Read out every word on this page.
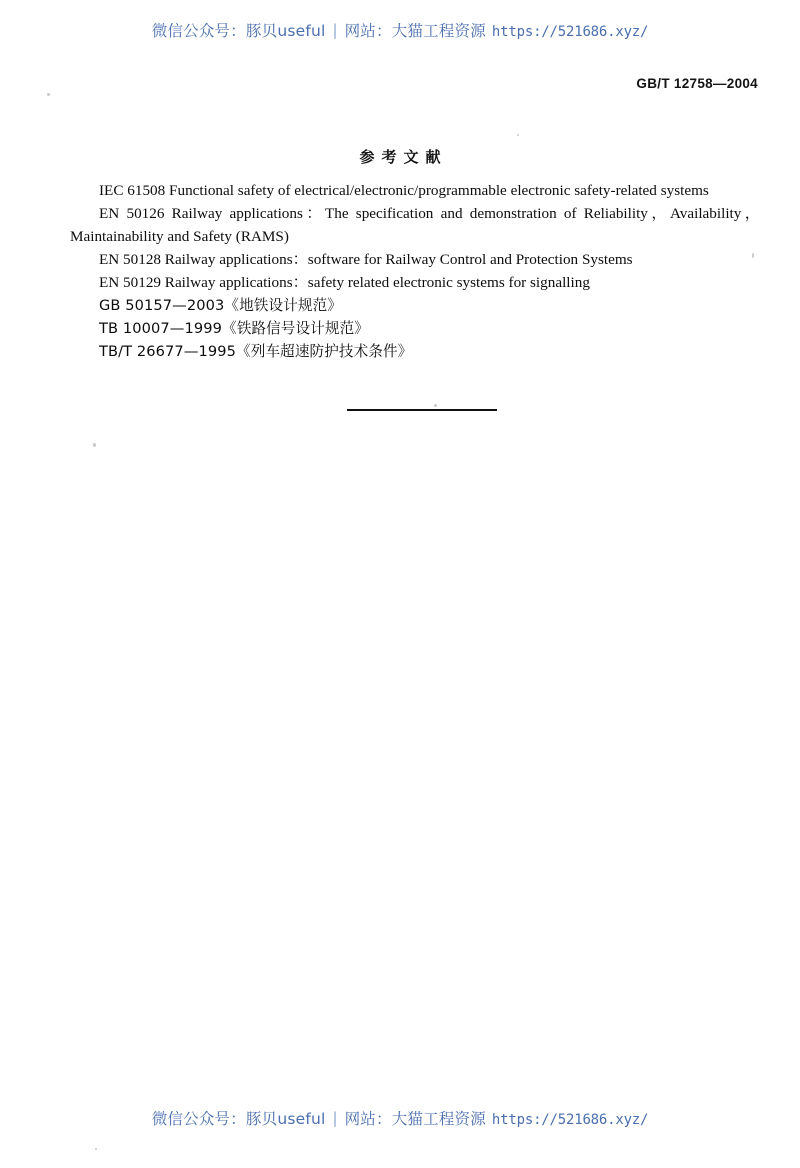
微信公众号：豚贝useful | 网站：大猫工程资源 https://521686.xyz/
GB/T 12758—2004
参考文献

IEC 61508 Functional safety of electrical/electronic/programmable electronic safety-related systems

EN 50126 Railway applications：The specification and demonstration of Reliability，Availability，Maintainability and Safety (RAMS)

EN 50128 Railway applications：software for Railway Control and Protection Systems

EN 50129 Railway applications：safety related electronic systems for signalling

GB 50157—2003《地铁设计规范》

TB 10007—1999《铁路信号设计规范》

TB/T 26677—1995《列车超速防护技术条件》

微信公众号：豚贝useful | 网站：大猫工程资源 https://521686.xyz/
